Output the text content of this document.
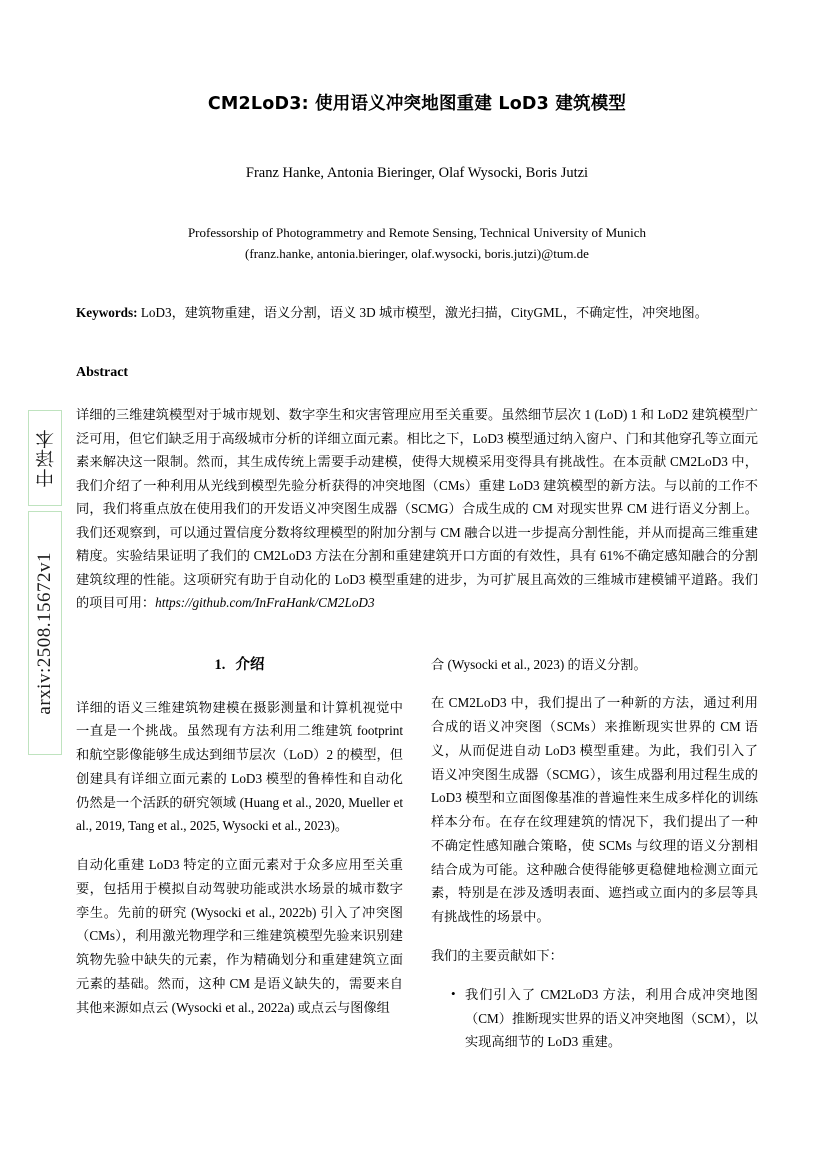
中译本
arxiv:2508.15672v1
CM2LoD3: 使用语义冲突地图重建 LoD3 建筑模型
Franz Hanke, Antonia Bieringer, Olaf Wysocki, Boris Jutzi
Professorship of Photogrammetry and Remote Sensing, Technical University of Munich
(franz.hanke, antonia.bieringer, olaf.wysocki, boris.jutzi)@tum.de
Keywords: LoD3，建筑物重建，语义分割，语义 3D 城市模型，激光扫描，CityGML，不确定性，冲突地图。
Abstract
详细的三维建筑模型对于城市规划、数字孪生和灾害管理应用至关重要。虽然细节层次 1 (LoD) 1 和 LoD2 建筑模型广泛可用，但它们缺乏用于高级城市分析的详细立面元素。相比之下，LoD3 模型通过纳入窗户、门和其他穿孔等立面元素来解决这一限制。然而，其生成传统上需要手动建模，使得大规模采用变得具有挑战性。在本贡献 CM2LoD3 中，我们介绍了一种利用从光线到模型先验分析获得的冲突地图（CMs）重建 LoD3 建筑模型的新方法。与以前的工作不同，我们将重点放在使用我们的开发语义冲突图生成器（SCMG）合成生成的 CM 对现实世界 CM 进行语义分割上。我们还观察到，可以通过置信度分数将纹理模型的附加分割与 CM 融合以进一步提高分割性能，并从而提高三维重建精度。实验结果证明了我们的 CM2LoD3 方法在分割和重建建筑开口方面的有效性，具有 61%不确定感知融合的分割建筑纹理的性能。这项研究有助于自动化的 LoD3 模型重建的进步，为可扩展且高效的三维城市建模铺平道路。我们的项目可用：https://github.com/InFraHank/CM2LoD3
1. 介绍

详细的语义三维建筑物建模在摄影测量和计算机视觉中一直是一个挑战。虽然现有方法利用二维建筑 footprint 和航空影像能够生成达到细节层次（LoD）2 的模型，但创建具有详细立面元素的 LoD3 模型的鲁棒性和自动化仍然是一个活跃的研究领域 (Huang et al., 2020, Mueller et al., 2019, Tang et al., 2025, Wysocki et al., 2023)。

自动化重建 LoD3 特定的立面元素对于众多应用至关重要，包括用于模拟自动驾驶功能或洪水场景的城市数字孪生。先前的研究 (Wysocki et al., 2022b) 引入了冲突图（CMs），利用激光物理学和三维建筑模型先验来识别建筑物先验中缺失的元素，作为精确划分和重建建筑立面元素的基础。然而，这种 CM 是语义缺失的，需要来自其他来源如点云 (Wysocki et al., 2022a) 或点云与图像组

合 (Wysocki et al., 2023) 的语义分割。

在 CM2LoD3 中，我们提出了一种新的方法，通过利用合成的语义冲突图（SCMs）来推断现实世界的 CM 语义，从而促进自动 LoD3 模型重建。为此，我们引入了语义冲突图生成器（SCMG），该生成器利用过程生成的 LoD3 模型和立面图像基准的普遍性来生成多样化的训练样本分布。在存在纹理建筑的情况下，我们提出了一种不确定性感知融合策略，使 SCMs 与纹理的语义分割相结合成为可能。这种融合使得能够更稳健地检测立面元素，特别是在涉及透明表面、遮挡或立面内的多层等具有挑战性的场景中。

我们的主要贡献如下：

• 我们引入了 CM2LoD3 方法，利用合成冲突地图（CM）推断现实世界的语义冲突地图（SCM），以实现高细节的 LoD3 重建。
